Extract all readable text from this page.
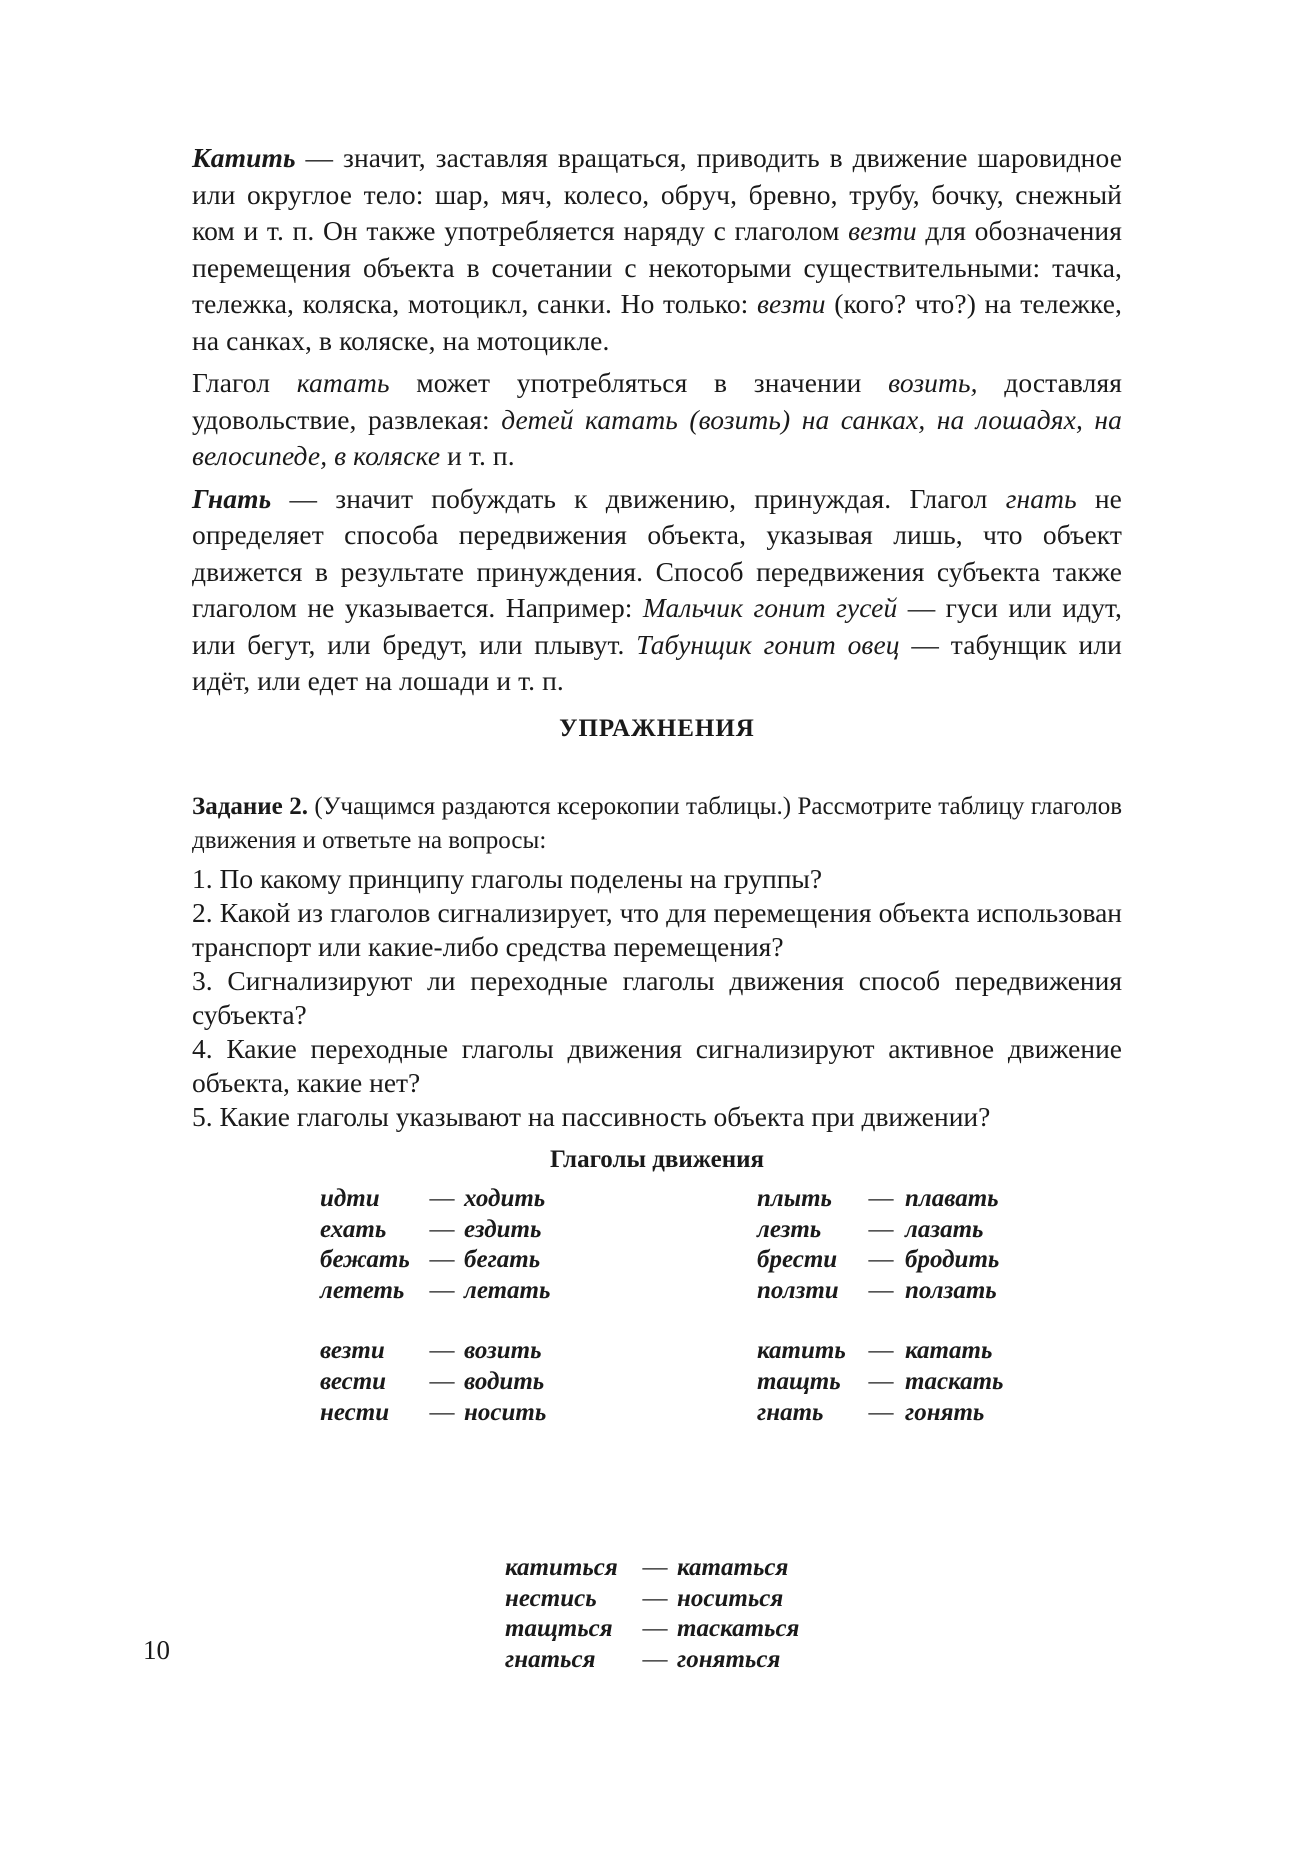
Катить — значит, заставляя вращаться, приводить в движение шаровидное или округлое тело: шар, мяч, колесо, обруч, бревно, трубу, бочку, снежный ком и т. п. Он также употребляется наряду с глаголом везти для обозначения перемещения объекта в сочетании с некоторыми существительными: тачка, тележка, коляска, мотоцикл, санки. Но только: везти (кого? что?) на тележке, на санках, в коляске, на мотоцикле.

Глагол катать может употребляться в значении возить, доставляя удовольствие, развлекая: детей катать (возить) на санках, на лошадях, на велосипеде, в коляске и т. п.

Гнать — значит побуждать к движению, принуждая. Глагол гнать не определяет способа передвижения объекта, указывая лишь, что объект движется в результате принуждения. Способ передвижения субъекта также глаголом не указывается. Например: Мальчик гонит гусей — гуси или идут, или бегут, или бредут, или плывут. Табунщик гонит овец — табунщик или идёт, или едет на лошади и т. п.

УПРАЖНЕНИЯ

Задание 2. (Учащимся раздаются ксерокопии таблицы.) Рассмотрите таблицу глаголов движения и ответьте на вопросы:

1. По какому принципу глаголы поделены на группы?
2. Какой из глаголов сигнализирует, что для перемещения объекта использован транспорт или какие-либо средства перемещения?
3. Сигнализируют ли переходные глаголы движения способ передвижения субъекта?
4. Какие переходные глаголы движения сигнализируют активное движение объекта, какие нет?
5. Какие глаголы указывают на пассивность объекта при движении?
Глаголы движения
идти	— ходить
ехать	— ездить
бежать — бегать
лететь	— летать
везти	— возить
вести	— водить
нести	— носить
плыть	— плавать
лезть	— лазать
брести	— бродить
ползти	— ползать
катить — катать
тащть	— таскать
гнать	— гонять
катиться — кататься
нестись	— носиться
тащться	— таскаться
гнаться	— гоняться

10
